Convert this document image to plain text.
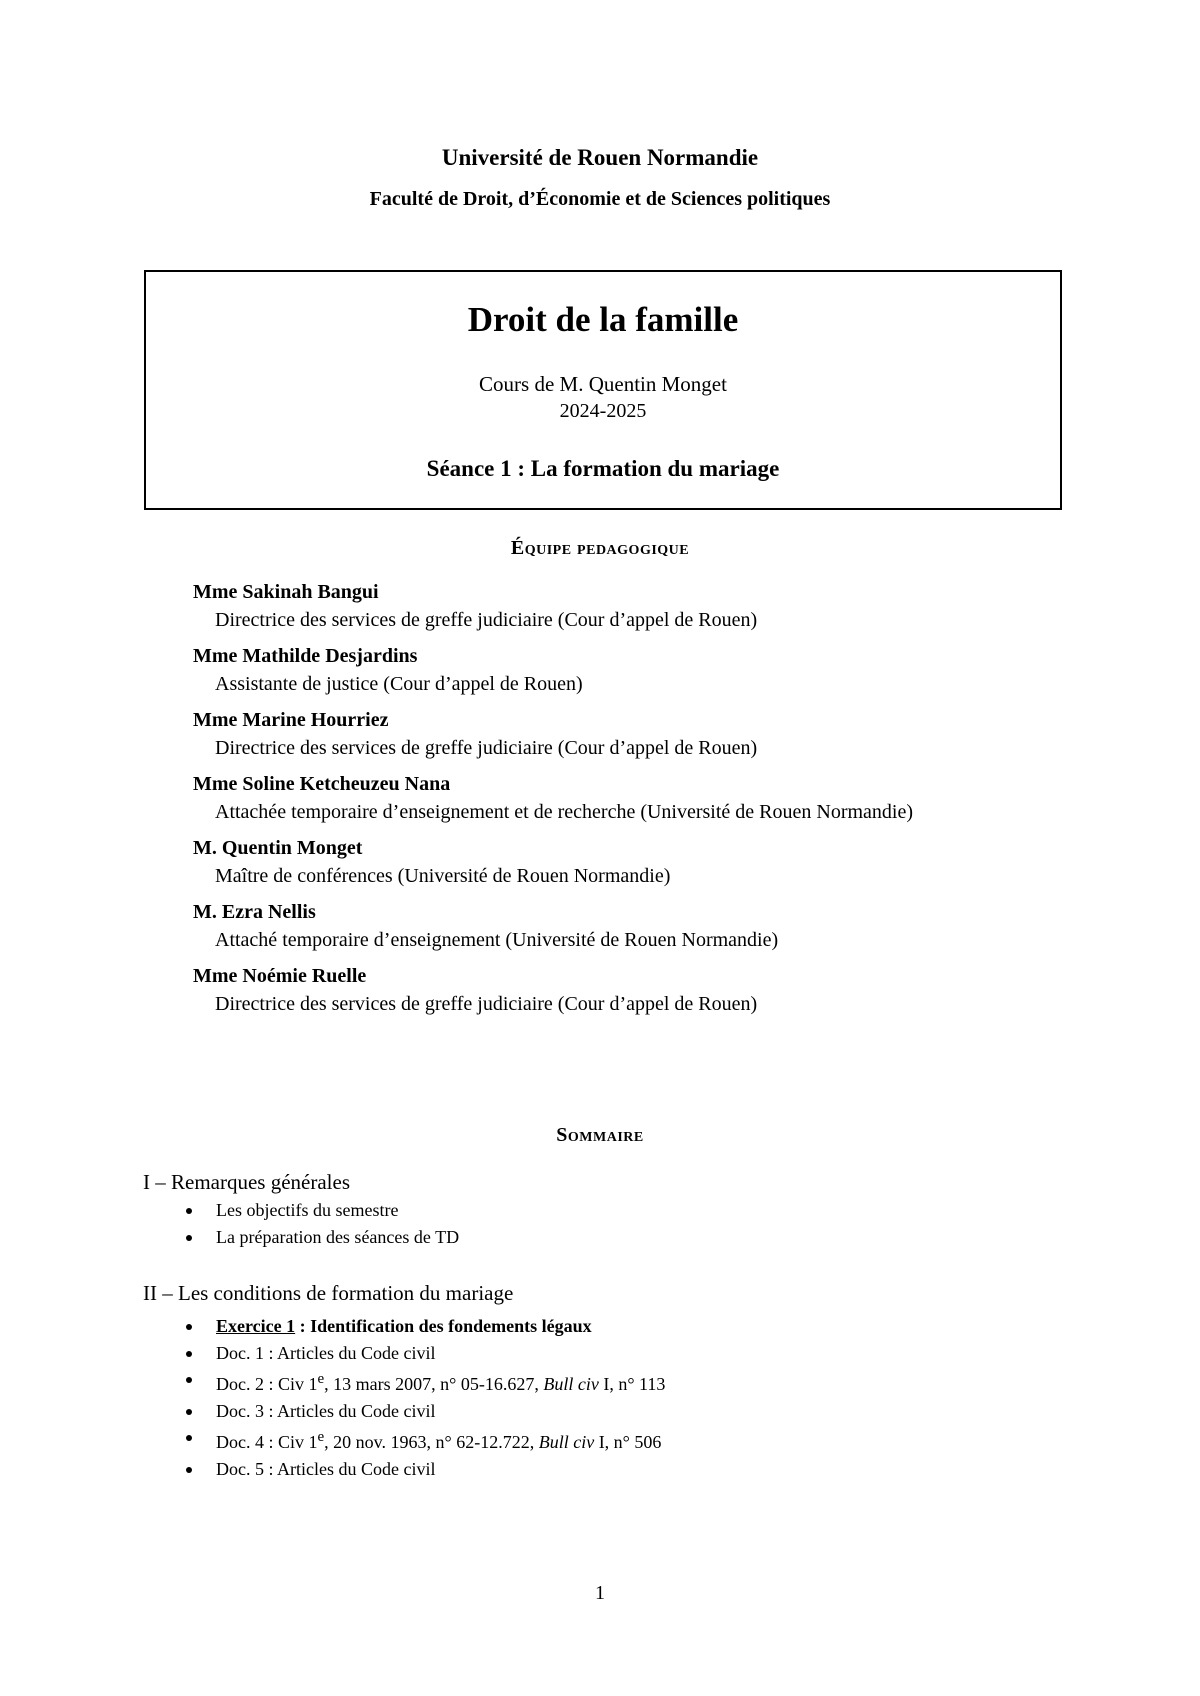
Université de Rouen Normandie
Faculté de Droit, d’Économie et de Sciences politiques
Droit de la famille
Cours de M. Quentin Monget
2024-2025
Séance 1 : La formation du mariage
Équipe pedagogique
Mme Sakinah Bangui
Directrice des services de greffe judiciaire (Cour d’appel de Rouen)
Mme Mathilde Desjardins
Assistante de justice (Cour d’appel de Rouen)
Mme Marine Hourriez
Directrice des services de greffe judiciaire (Cour d’appel de Rouen)
Mme Soline Ketcheuzeu Nana
Attachée temporaire d’enseignement et de recherche (Université de Rouen Normandie)
M. Quentin Monget
Maître de conférences (Université de Rouen Normandie)
M. Ezra Nellis
Attaché temporaire d’enseignement (Université de Rouen Normandie)
Mme Noémie Ruelle
Directrice des services de greffe judiciaire (Cour d’appel de Rouen)
Sommaire
I – Remarques générales
Les objectifs du semestre
La préparation des séances de TD
II – Les conditions de formation du mariage
Exercice 1 : Identification des fondements légaux
Doc. 1 : Articles du Code civil
Doc. 2 : Civ 1e, 13 mars 2007, n° 05-16.627, Bull civ I, n° 113
Doc. 3 : Articles du Code civil
Doc. 4 : Civ 1e, 20 nov. 1963, n° 62-12.722, Bull civ I, n° 506
Doc. 5 : Articles du Code civil
1
